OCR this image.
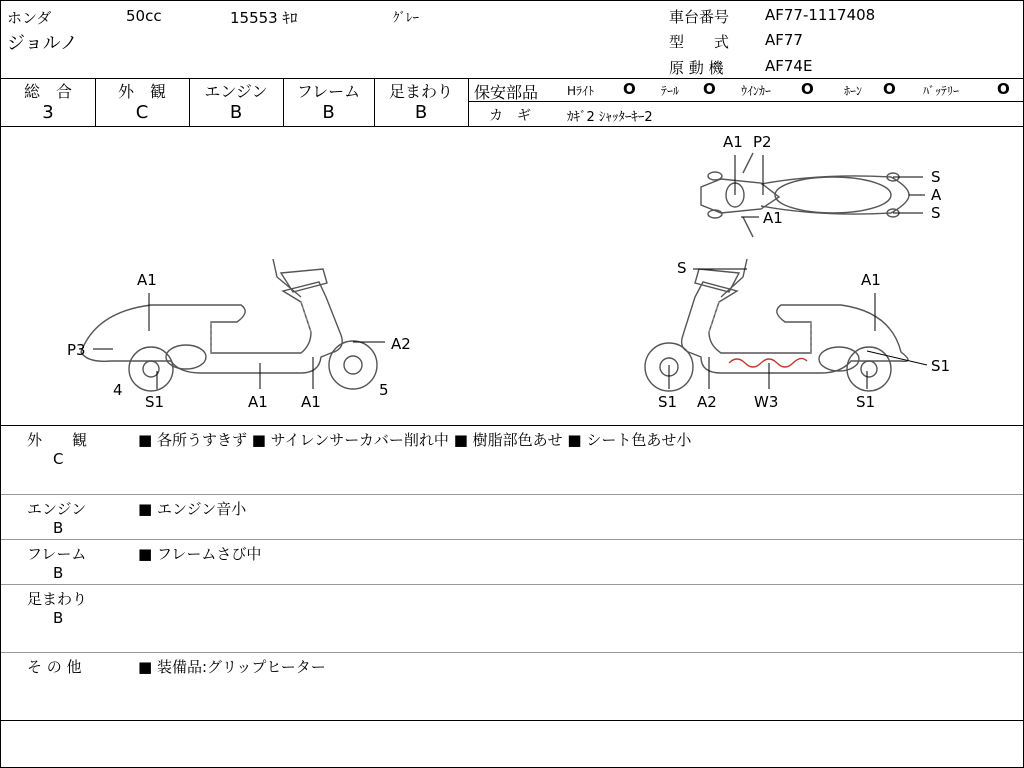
ホンダ	50cc	15553 ｷﾛ	ｸﾞﾚｰ
ジョルノ
車台番号 AF77-1117408
型　　式 AF77
原 動 機	AF74E
総　合
3
外　観
C
エンジン
B
フレーム
B
足まわり
B
保安部品 Hﾗｲﾄ O ﾃｰﾙ O ｳｲﾝｶｰ O	ﾎｰﾝ O ﾊﾞｯﾃﾘｰ	O
カ　ギ	ｶｷﾞ2 ｼｬｯﾀｰｷｰ2
A1 P2
S
A
S
A1
A1
P3	A2
4
S1	A1 A1
5
S
A1
S1
S1 A2 W3	S1
外　　観
C
■ 各所うすきず ■ サイレンサーカバー削れ中 ■ 樹脂部色あせ ■ シート色あせ小
エンジン
B
■ エンジン音小
フレーム
B
■ フレームさび中
足まわり
B
そ の 他	■ 装備品:グリップヒーター
